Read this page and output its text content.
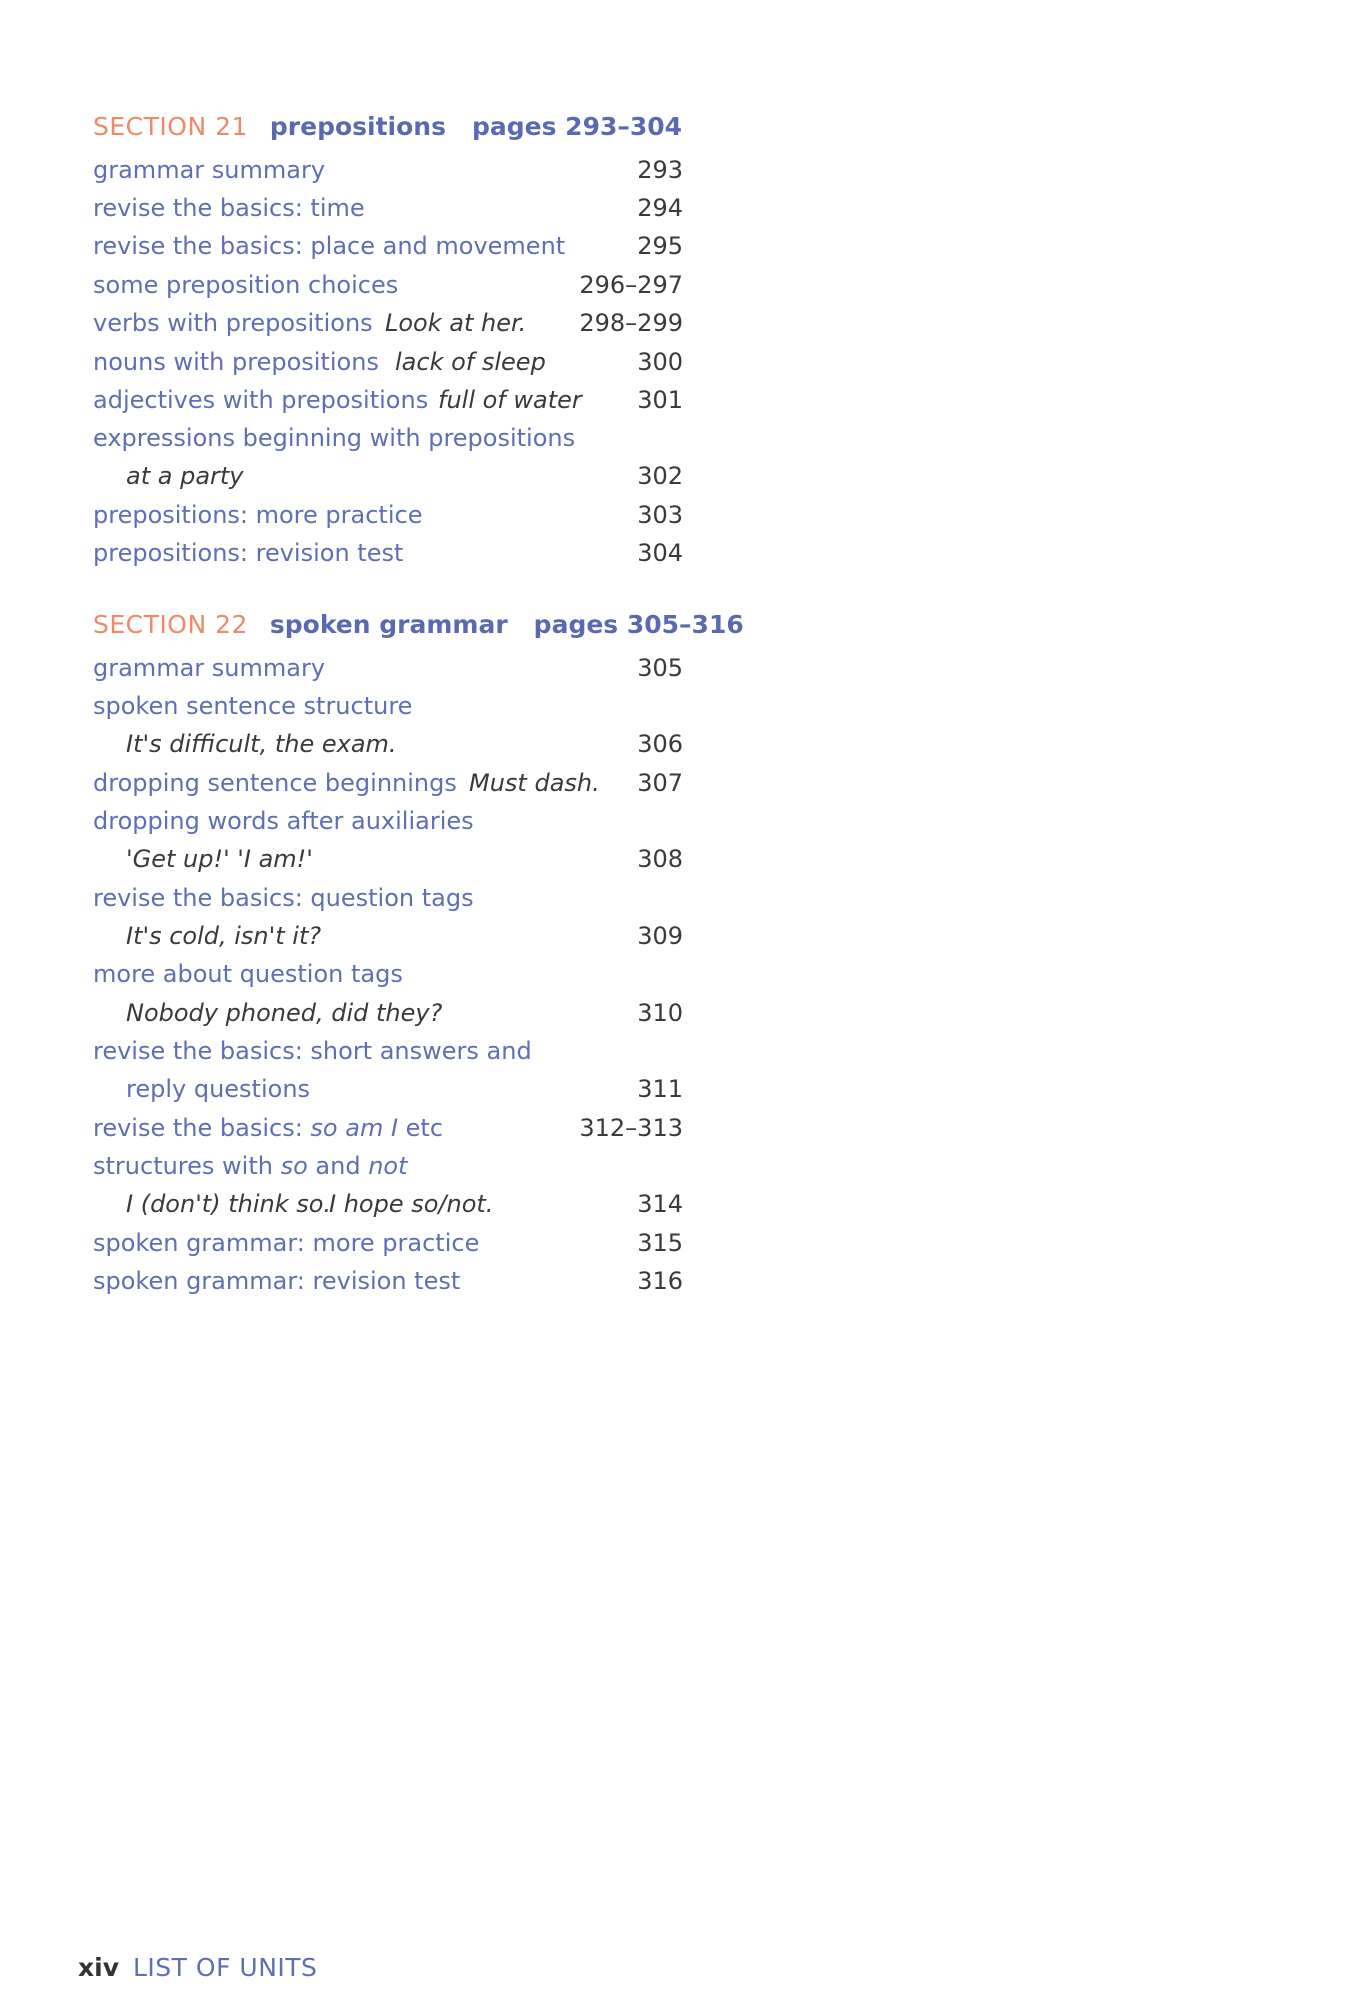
SECTION 21 prepositions pages 293–304
grammar summary	293
revise the basics: time	294
revise the basics: place and movement	295
some preposition choices	296–297
verbs with prepositions Look at her. 298–299
nouns with prepositions lack of sleep	300
adjectives with prepositions full of water 301
expressions beginning with prepositions
at a party	302
prepositions: more practice	303
prepositions: revision test	304
SECTION 22 spoken grammar pages 305–316
grammar summary	305
spoken sentence structure
It's difficult, the exam.	306
dropping sentence beginnings Must dash. 307
dropping words after auxiliaries
'Get up!' 'I am!'	308
revise the basics: question tags
It's cold, isn't it?	309
more about question tags
Nobody phoned, did they?	310
revise the basics: short answers and
reply questions	311
revise the basics: so am I etc	312–313
structures with so and not
I (don't) think so.
I hope so/not.	314
spoken grammar: more practice	315
spoken grammar: revision test	316
xiv LIST OF UNITS
